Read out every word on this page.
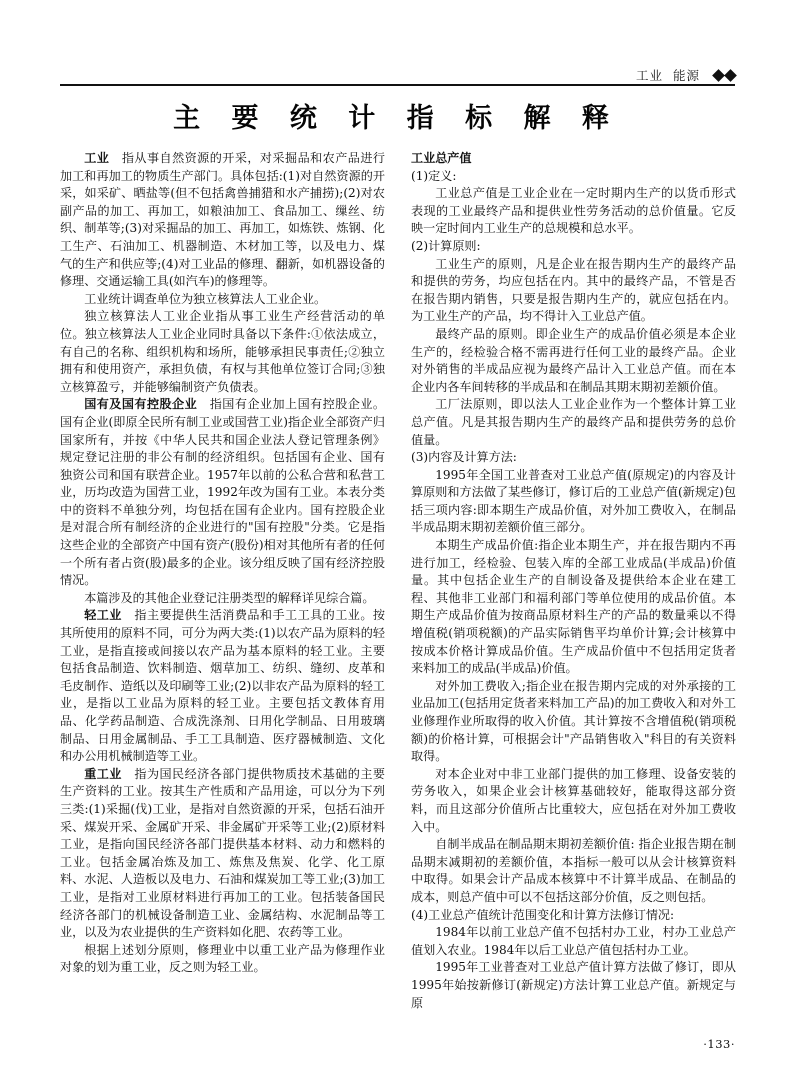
工业 能源
主 要 统 计 指 标 解 释

工业　 指从事自然资源的开采，对采掘品和农产品进行加工和再加工的物质生产部门。具体包括:(1)对自然资源的开采，如采矿、晒盐等(但不包括禽兽捕猎和水产捕捞);(2)对农副产品的加工、再加工，如粮油加工、食品加工、缫丝、纺织、制革等;(3)对采掘品的加工、再加工，如炼铁、炼钢、化工生产、石油加工、机器制造、木材加工等，以及电力、煤气的生产和供应等;(4)对工业品的修理、翻新，如机器设备的修理、交通运输工具(如汽车)的修理等。

工业统计调查单位为独立核算法人工业企业。

独立核算法人工业企业指从事工业生产经营活动的单位。独立核算法人工业企业同时具备以下条件:①依法成立，有自己的名称、组织机构和场所，能够承担民事责任;②独立拥有和使用资产，承担负债，有权与其他单位签订合同;③独立核算盈亏，并能够编制资产负债表。

国有及国有控股企业　 指国有企业加上国有控股企业。国有企业(即原全民所有制工业或国营工业)指企业全部资产归国家所有，并按《中华人民共和国企业法人登记管理条例》规定登记注册的非公有制的经济组织。包括国有企业、国有独资公司和国有联营企业。1957年以前的公私合营和私营工业，历均改造为国营工业，1992年改为国有工业。本表分类中的资料不单独分列，均包括在国有企业内。国有控股企业是对混合所有制经济的企业进行的"国有控股"分类。它是指这些企业的全部资产中国有资产(股份)相对其他所有者的任何一个所有者占资(股)最多的企业。该分组反映了国有经济控股情况。

本篇涉及的其他企业登记注册类型的解释详见综合篇。

轻工业　 指主要提供生活消费品和手工工具的工业。按其所使用的原料不同，可分为两大类:(1)以农产品为原料的轻工业，是指直接或间接以农产品为基本原料的轻工业。主要包括食品制造、饮料制造、烟草加工、纺织、缝纫、皮革和毛皮制作、造纸以及印刷等工业;(2)以非农产品为原料的轻工业，是指以工业品为原料的轻工业。主要包括文教体育用品、化学药品制造、合成洗涤剂、日用化学制品、日用玻璃制品、日用金属制品、手工工具制造、医疗器械制造、文化和办公用机械制造等工业。

重工业　 指为国民经济各部门提供物质技术基础的主要生产资料的工业。按其生产性质和产品用途，可以分为下列三类:(1)采掘(伐)工业，是指对自然资源的开采，包括石油开采、煤炭开采、金属矿开采、非金属矿开采等工业;(2)原材料工业，是指向国民经济各部门提供基本材料、动力和燃料的工业。包括金属冶炼及加工、炼焦及焦炭、化学、化工原料、水泥、人造板以及电力、石油和煤炭加工等工业;(3)加工工业，是指对工业原材料进行再加工的工业。包括装备国民经济各部门的机械设备制造工业、金属结构、水泥制品等工业，以及为农业提供的生产资料如化肥、农药等工业。

根据上述划分原则，修理业中以重工业产品为修理作业对象的划为重工业，反之则为轻工业。

工业总产值

(1)定义:

工业总产值是工业企业在一定时期内生产的以货币形式表现的工业最终产品和提供业性劳务活动的总价值量。它反映一定时间内工业生产的总规模和总水平。

(2)计算原则:

工业生产的原则，凡是企业在报告期内生产的最终产品和提供的劳务，均应包括在内。其中的最终产品，不管是否在报告期内销售，只要是报告期内生产的，就应包括在内。为工业生产的产品，均不得计入工业总产值。

最终产品的原则。即企业生产的成品价值必须是本企业生产的，经检验合格不需再进行任何工业的最终产品。企业对外销售的半成品应视为最终产品计入工业总产值。而在本企业内各车间转移的半成品和在制品其期末期初差额价值。

工厂法原则，即以法人工业企业作为一个整体计算工业总产值。凡是其报告期内生产的最终产品和提供劳务的总价值量。

(3)内容及计算方法:

1995年全国工业普查对工业总产值(原规定)的内容及计算原则和方法做了某些修订，修订后的工业总产值(新规定)包括三项内容:即本期生产成品价值，对外加工费收入，在制品半成品期末期初差额价值三部分。

本期生产成品价值:指企业本期生产，并在报告期内不再进行加工，经检验、包装入库的全部工业成品(半成品)价值量。其中包括企业生产的自制设备及提供给本企业在建工程、其他非工业部门和福利部门等单位使用的成品价值。本期生产成品价值为按商品原材料生产的产品的数量乘以不得增值税(销项税额)的产品实际销售平均单价计算;会计核算中按成本价格计算成品价值。生产成品价值中不包括用定货者来料加工的成品(半成品)价值。

对外加工费收入;指企业在报告期内完成的对外承接的工业品加工(包括用定货者来料加工产品)的加工费收入和对外工业修理作业所取得的收入价值。其计算按不含增值税(销项税额)的价格计算，可根据会计"产品销售收入"科目的有关资料取得。

对本企业对中非工业部门提供的加工修理、设备安装的劳务收入，如果企业会计核算基础较好，能取得这部分资料，而且这部分价值所占比重较大，应包括在对外加工费收入中。

自制半成品在制品期末期初差额价值: 指企业报告期在制品期末减期初的差额价值，本指标一般可以从会计核算资料中取得。如果会计产品成本核算中不计算半成品、在制品的成本，则总产值中可以不包括这部分价值，反之则包括。

(4)工业总产值统计范围变化和计算方法修订情况:

1984年以前工业总产值不包括村办工业，村办工业总产值划入农业。1984年以后工业总产值包括村办工业。

1995年工业普查对工业总产值计算方法做了修订，即从1995年始按新修订(新规定)方法计算工业总产值。新规定与原

·133·
